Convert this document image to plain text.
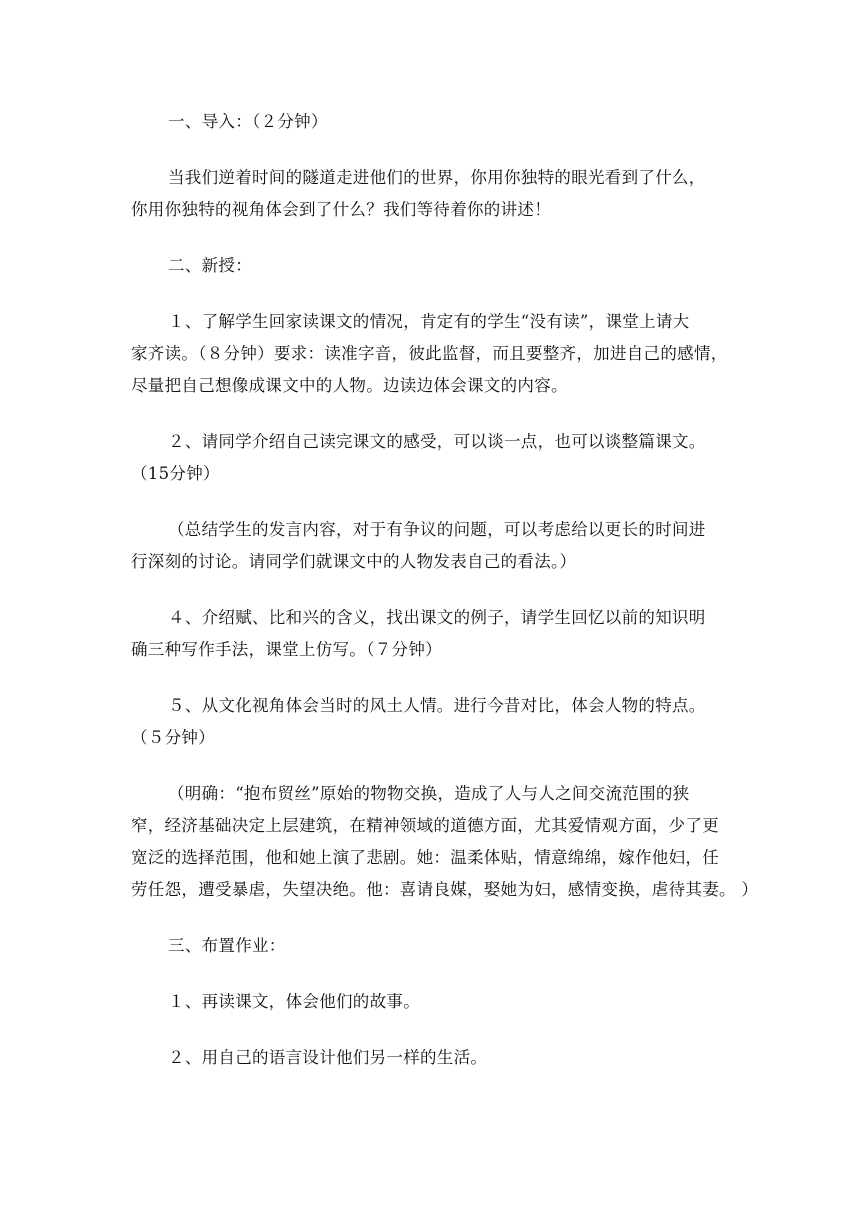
一、导入：（２分钟）
当我们逆着时间的隧道走进他们的世界，你用你独特的眼光看到了什么，
你用你独特的视角体会到了什么？我们等待着你的讲述！
二、新授：
１、了解学生回家读课文的情况，肯定有的学生“没有读”，课堂上请大
家齐读。（８分钟）要求：读准字音，彼此监督，而且要整齐，加进自己的感情，
尽量把自己想像成课文中的人物。边读边体会课文的内容。
２、请同学介绍自己读完课文的感受，可以谈一点，也可以谈整篇课文。
（15分钟）
（总结学生的发言内容，对于有争议的问题，可以考虑给以更长的时间进
行深刻的讨论。请同学们就课文中的人物发表自己的看法。）
４、介绍赋、比和兴的含义，找出课文的例子，请学生回忆以前的知识明
确三种写作手法，课堂上仿写。（７分钟）
５、从文化视角体会当时的风土人情。进行今昔对比，体会人物的特点。
（５分钟）
（明确：“抱布贸丝”原始的物物交换，造成了人与人之间交流范围的狭
窄，经济基础决定上层建筑，在精神领域的道德方面，尤其爱情观方面，少了更
宽泛的选择范围，他和她上演了悲剧。她：温柔体贴，情意绵绵，嫁作他妇，任
劳任怨，遭受暴虐，失望决绝。他：喜请良媒，娶她为妇，感情变换，虐待其妻。 ）
三、布置作业：
１、再读课文，体会他们的故事。
２、用自己的语言设计他们另一样的生活。
